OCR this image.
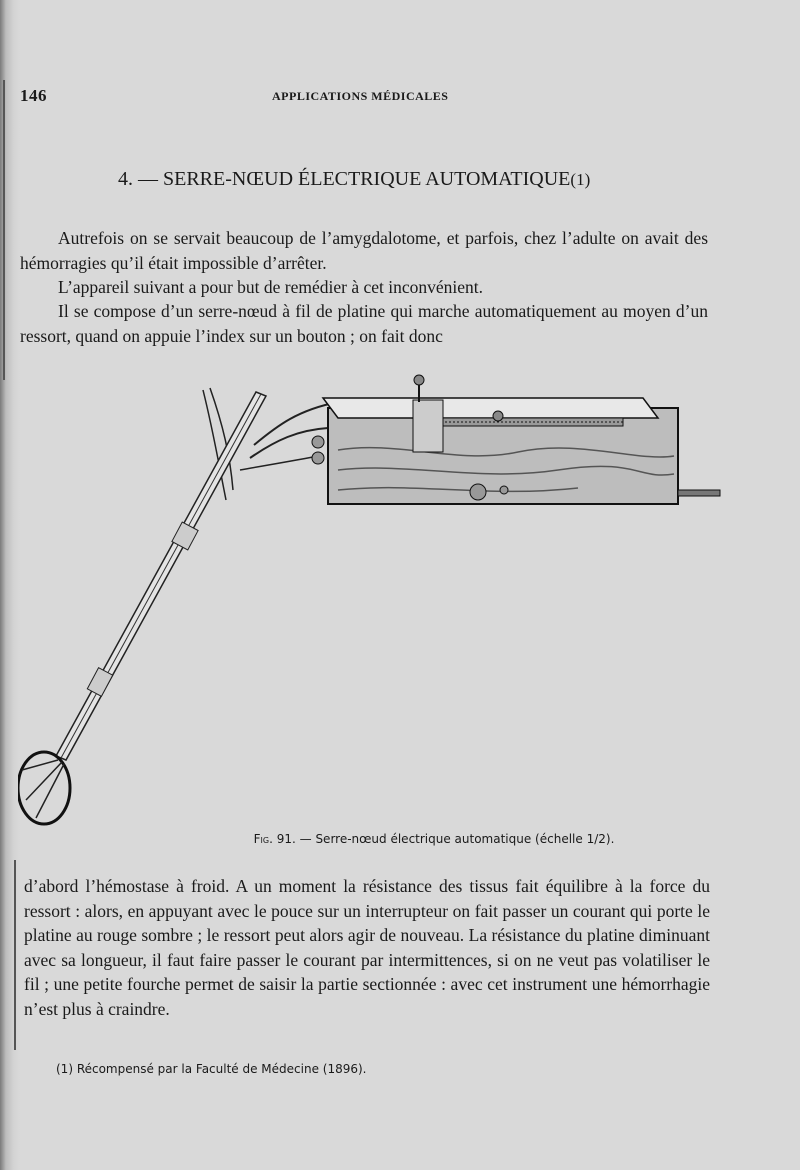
146	APPLICATIONS MÉDICALES
4. — SERRE-NŒUD ÉLECTRIQUE AUTOMATIQUE(1)

Autrefois on se servait beaucoup de l’amygdalotome, et parfois, chez l’adulte on avait des hémorragies qu’il était impossible d’arrêter.

L’appareil suivant a pour but de remédier à cet inconvénient.

Il se compose d’un serre-nœud à fil de platine qui marche automatiquement au moyen d’un ressort, quand on appuie l’index sur un bouton ; on fait donc

Fig. 91. — Serre-nœud électrique automatique (échelle 1/2).

d’abord l’hémostase à froid. A un moment la résistance des tissus fait équilibre à la force du ressort : alors, en appuyant avec le pouce sur un interrupteur on fait passer un courant qui porte le platine au rouge sombre ; le ressort peut alors agir de nouveau. La résistance du platine diminuant avec sa longueur, il faut faire passer le courant par intermittences, si on ne veut pas volatiliser le fil ; une petite fourche permet de saisir la partie sectionnée : avec cet instrument une hémorrhagie n’est plus à craindre.

(1) Récompensé par la Faculté de Médecine (1896).
